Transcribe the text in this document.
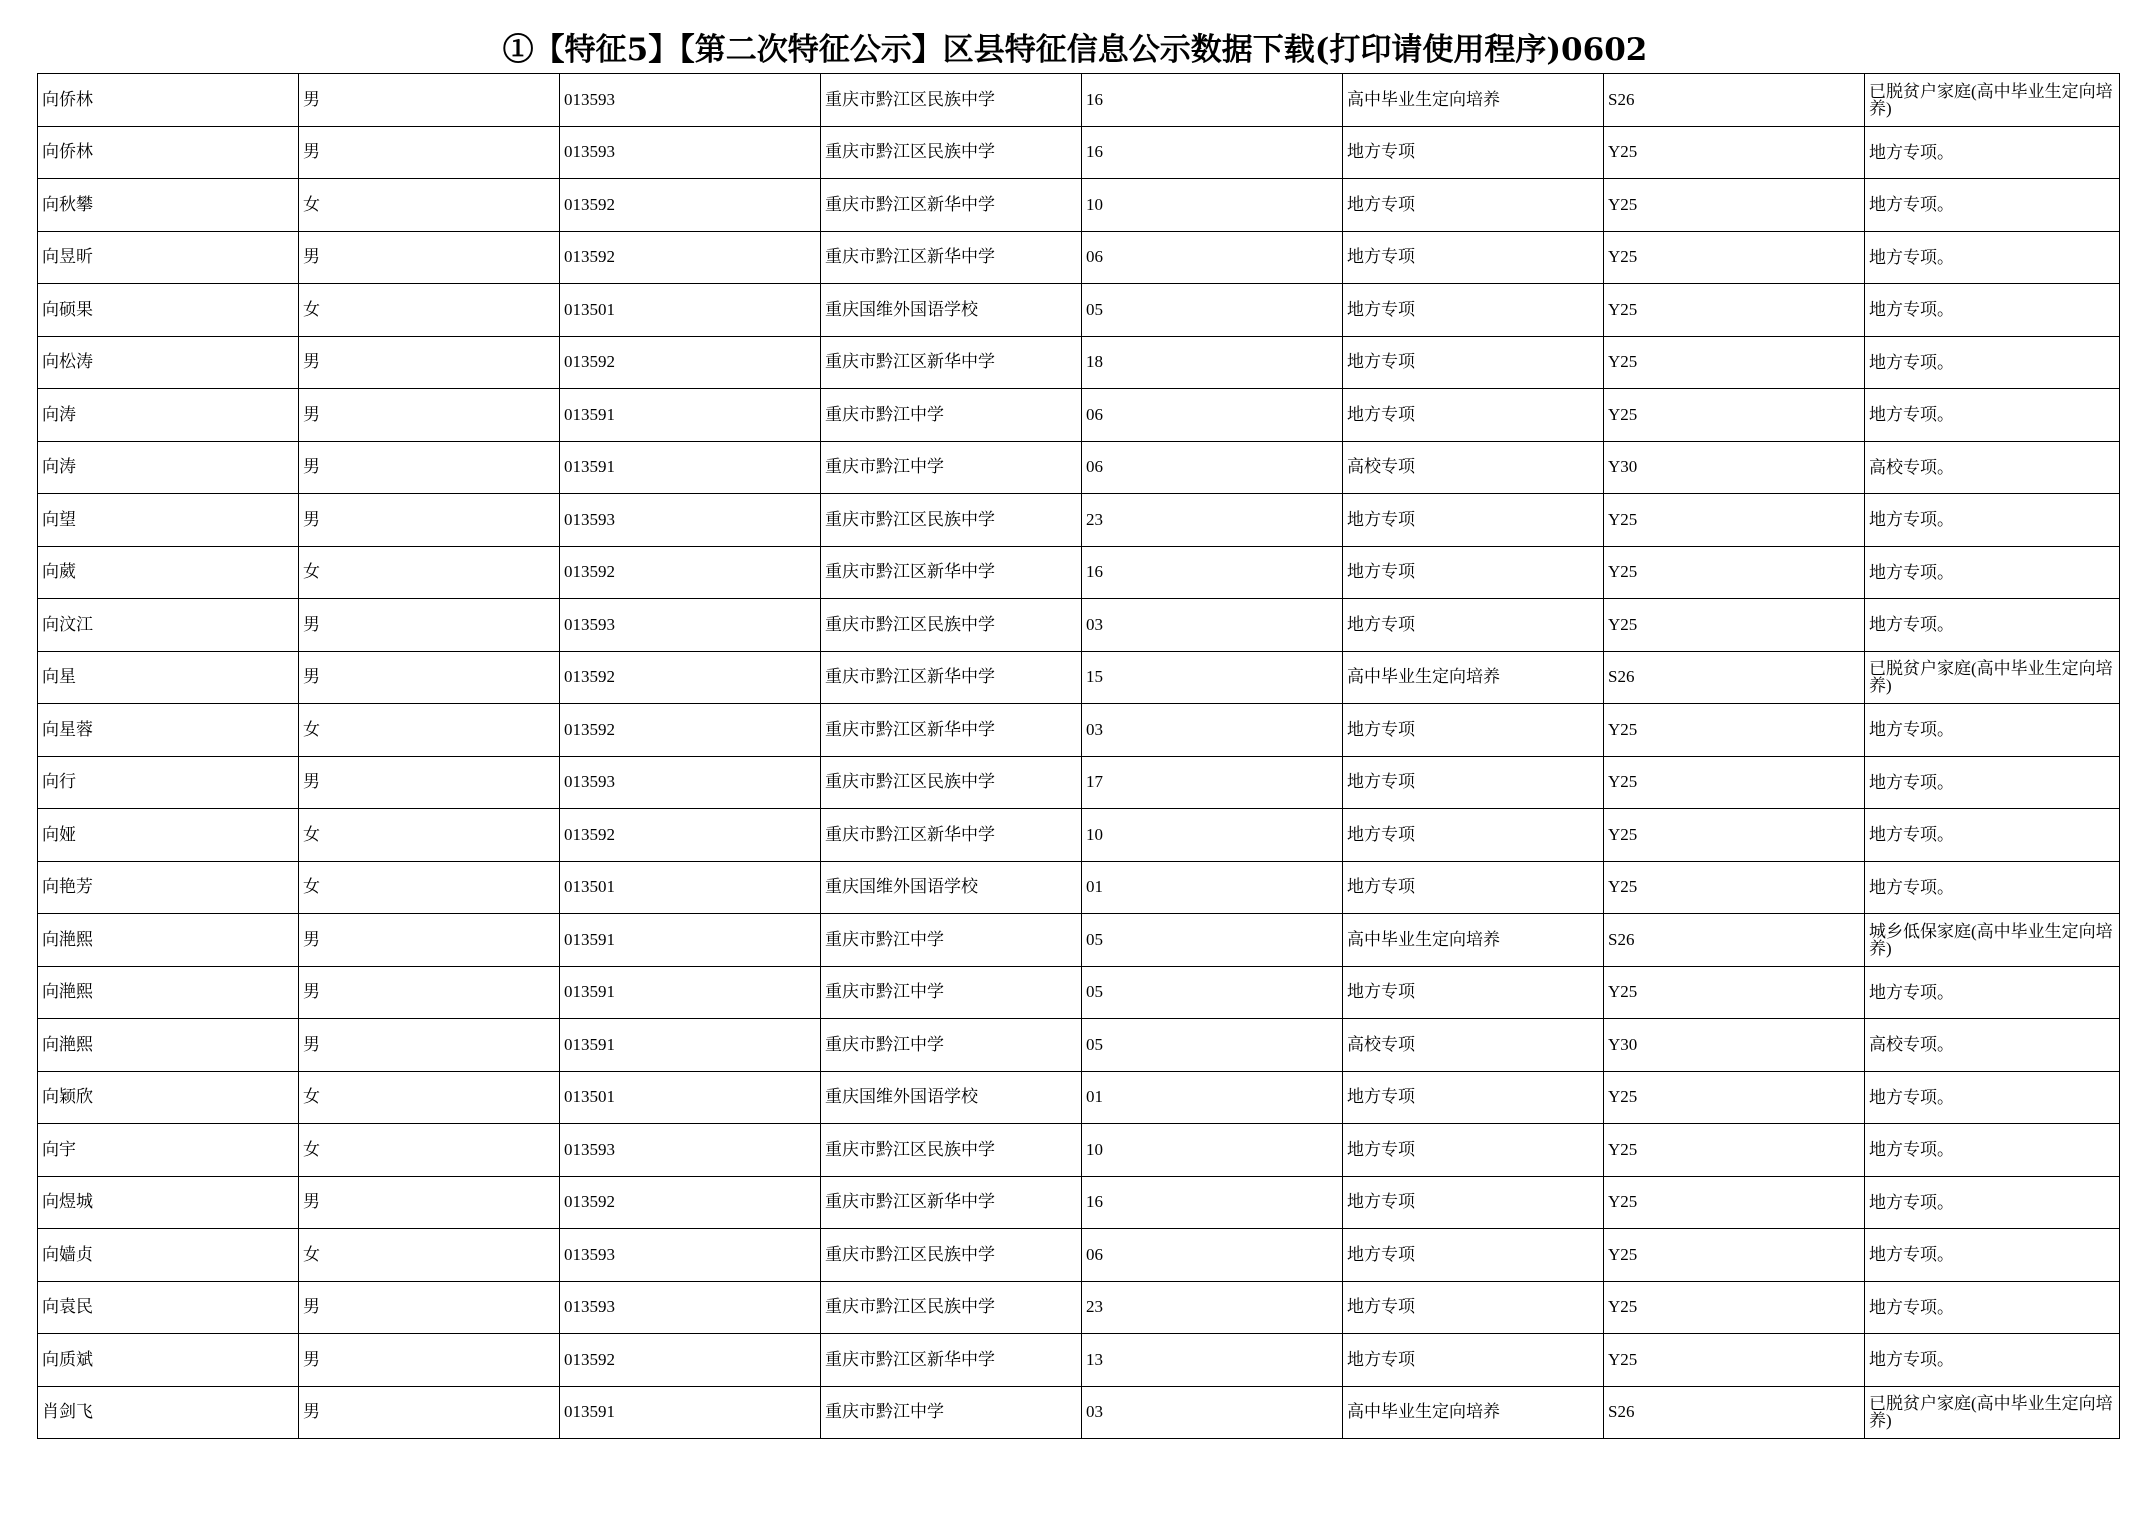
①【特征5】【第二次特征公示】区县特征信息公示数据下载(打印请使用程序)0602
向侨林	男	013593	重庆市黔江区民族中学	16	高中毕业生定向培养	S26	已脱贫户家庭(高中毕业生定向培养)
向侨林	男	013593	重庆市黔江区民族中学	16	地方专项	Y25	地方专项。
向秋攀	女	013592	重庆市黔江区新华中学	10	地方专项	Y25	地方专项。
向昱昕	男	013592	重庆市黔江区新华中学	06	地方专项	Y25	地方专项。
向硕果	女	013501	重庆国维外国语学校	05	地方专项	Y25	地方专项。
向松涛	男	013592	重庆市黔江区新华中学	18	地方专项	Y25	地方专项。
向涛	男	013591	重庆市黔江中学	06	地方专项	Y25	地方专项。
向涛	男	013591	重庆市黔江中学	06	高校专项	Y30	高校专项。
向望	男	013593	重庆市黔江区民族中学	23	地方专项	Y25	地方专项。
向葳	女	013592	重庆市黔江区新华中学	16	地方专项	Y25	地方专项。
向汶江	男	013593	重庆市黔江区民族中学	03	地方专项	Y25	地方专项。
向星	男	013592	重庆市黔江区新华中学	15	高中毕业生定向培养	S26	已脱贫户家庭(高中毕业生定向培养)
向星蓉	女	013592	重庆市黔江区新华中学	03	地方专项	Y25	地方专项。
向行	男	013593	重庆市黔江区民族中学	17	地方专项	Y25	地方专项。
向娅	女	013592	重庆市黔江区新华中学	10	地方专项	Y25	地方专项。
向艳芳	女	013501	重庆国维外国语学校	01	地方专项	Y25	地方专项。
向滟熙	男	013591	重庆市黔江中学	05	高中毕业生定向培养	S26	城乡低保家庭(高中毕业生定向培养)
向滟熙	男	013591	重庆市黔江中学	05	地方专项	Y25	地方专项。
向滟熙	男	013591	重庆市黔江中学	05	高校专项	Y30	高校专项。
向颖欣	女	013501	重庆国维外国语学校	01	地方专项	Y25	地方专项。
向宇	女	013593	重庆市黔江区民族中学	10	地方专项	Y25	地方专项。
向煜城	男	013592	重庆市黔江区新华中学	16	地方专项	Y25	地方专项。
向嫱贞	女	013593	重庆市黔江区民族中学	06	地方专项	Y25	地方专项。
向袁民	男	013593	重庆市黔江区民族中学	23	地方专项	Y25	地方专项。
向质斌	男	013592	重庆市黔江区新华中学	13	地方专项	Y25	地方专项。
肖剑飞	男	013591	重庆市黔江中学	03	高中毕业生定向培养	S26	已脱贫户家庭(高中毕业生定向培养)
